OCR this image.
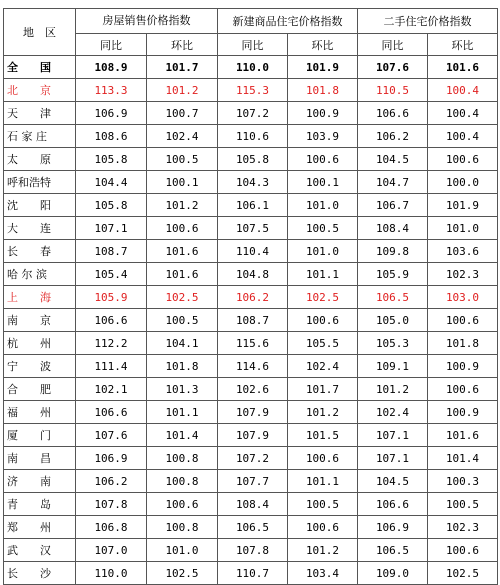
地　区	房屋销售价格指数		新建商品住宅价格指数		二手住宅价格指数	
	同比	环比	同比	环比	同比	环比
全　　国	108.9	101.7	110.0	101.9	107.6	101.6
北　　京	113.3	101.2	115.3	101.8	110.5	100.4
天　　津	106.9	100.7	107.2	100.9	106.6	100.4
石 家 庄	108.6	102.4	110.6	103.9	106.2	100.4
太　　原	105.8	100.5	105.8	100.6	104.5	100.6
呼和浩特	104.4	100.1	104.3	100.1	104.7	100.0
沈　　阳	105.8	101.2	106.1	101.0	106.7	101.9
大　　连	107.1	100.6	107.5	100.5	108.4	101.0
长　　春	108.7	101.6	110.4	101.0	109.8	103.6
哈 尔 滨	105.4	101.6	104.8	101.1	105.9	102.3
上　　海	105.9	102.5	106.2	102.5	106.5	103.0
南　　京	106.6	100.5	108.7	100.6	105.0	100.6
杭　　州	112.2	104.1	115.6	105.5	105.3	101.8
宁　　波	111.4	101.8	114.6	102.4	109.1	100.9
合　　肥	102.1	101.3	102.6	101.7	101.2	100.6
福　　州	106.6	101.1	107.9	101.2	102.4	100.9
厦　　门	107.6	101.4	107.9	101.5	107.1	101.6
南　　昌	106.9	100.8	107.2	100.6	107.1	101.4
济　　南	106.2	100.8	107.7	101.1	104.5	100.3
青　　岛	107.8	100.6	108.4	100.5	106.6	100.5
郑　　州	106.8	100.8	106.5	100.6	106.9	102.3
武　　汉	107.0	101.0	107.8	101.2	106.5	100.6
长　　沙	110.0	102.5	110.7	103.4	109.0	102.5
